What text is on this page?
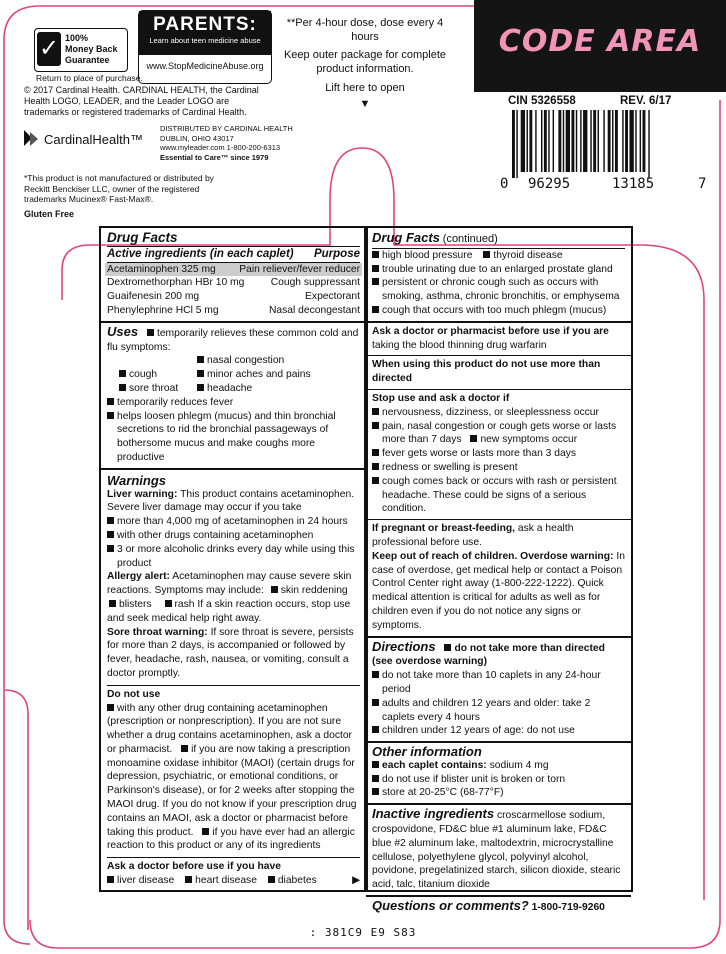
✓ 100%
Money Back
Guarantee
Return to place of purchase.
PARENTS:
Learn about teen medicine abuse
www.StopMedicineAbuse.org
© 2017 Cardinal Health. CARDINAL HEALTH, the Cardinal Health LOGO, LEADER, and the Leader LOGO are trademarks or registered trademarks of Cardinal Health.
CardinalHealth™
DISTRIBUTED BY CARDINAL HEALTH
DUBLIN, OHIO 43017
www.myleader.com 1-800-200-6313
Essential to Care™ since 1979
*This product is not manufactured or distributed by Reckitt Benckiser LLC, owner of the registered trademarks Mucinex® Fast-Max®.
Gluten Free
**Per 4-hour dose, dose every 4 hours
Keep outer package for complete product information.
Lift here to open
▼
CODE AREA
CIN 5326558	REV. 6/17
0 96295	13185	7
Drug Facts
Active ingredients (in each caplet) Purpose
Acetaminophen 325 mg Pain reliever/fever reducer
Dextromethorphan HBr 10 mg	Cough suppressant
Guaifenesin 200 mg	Expectorant
Phenylephrine HCl 5 mg	Nasal decongestant
Uses temporarily relieves these common cold and flu symptoms:
nasal congestion
cough	minor aches and pains
sore throat	headache
temporarily reduces fever
helps loosen phlegm (mucus) and thin bronchial secretions to rid the bronchial passageways of bothersome mucus and make coughs more productive
Warnings
Liver warning: This product contains acetaminophen. Severe liver damage may occur if you take
more than 4,000 mg of acetaminophen in 24 hours
with other drugs containing acetaminophen
3 or more alcoholic drinks every day while using this product
Allergy alert: Acetaminophen may cause severe skin reactions. Symptoms may include: skin reddening blisters rash If a skin reaction occurs, stop use and seek medical help right away.
Sore throat warning: If sore throat is severe, persists for more than 2 days, is accompanied or followed by fever, headache, rash, nausea, or vomiting, consult a doctor promptly.
Do not use
with any other drug containing acetaminophen (prescription or nonprescription). If you are not sure whether a drug contains acetaminophen, ask a doctor or pharmacist. if you are now taking a prescription monoamine oxidase inhibitor (MAOI) (certain drugs for depression, psychiatric, or emotional conditions, or Parkinson's disease), or for 2 weeks after stopping the MAOI drug. If you do not know if your prescription drug contains an MAOI, ask a doctor or pharmacist before taking this product. if you have ever had an allergic reaction to this product or any of its ingredients
Ask a doctor before use if you have
liver disease heart disease diabetes	▶
Drug Facts (continued)
high blood pressure thyroid disease
trouble urinating due to an enlarged prostate gland
persistent or chronic cough such as occurs with smoking, asthma, chronic bronchitis, or emphysema
cough that occurs with too much phlegm (mucus)
Ask a doctor or pharmacist before use if you are taking the blood thinning drug warfarin
When using this product do not use more than directed
Stop use and ask a doctor if
nervousness, dizziness, or sleeplessness occur
pain, nasal congestion or cough gets worse or lasts more than 7 days new symptoms occur
fever gets worse or lasts more than 3 days
redness or swelling is present
cough comes back or occurs with rash or persistent headache. These could be signs of a serious condition.
If pregnant or breast-feeding, ask a health professional before use.
Keep out of reach of children. Overdose warning: In case of overdose, get medical help or contact a Poison Control Center right away (1-800-222-1222). Quick medical attention is critical for adults as well as for children even if you do not notice any signs or symptoms.
Directions do not take more than directed (see overdose warning)
do not take more than 10 caplets in any 24-hour period
adults and children 12 years and older: take 2 caplets every 4 hours
children under 12 years of age: do not use
Other information
each caplet contains: sodium 4 mg
do not use if blister unit is broken or torn
store at 20-25°C (68-77°F)
Inactive ingredients croscarmellose sodium, crospovidone, FD&C blue #1 aluminum lake, FD&C blue #2 aluminum lake, maltodextrin, microcrystalline cellulose, polyethylene glycol, polyvinyl alcohol, povidone, pregelatinized starch, silicon dioxide, stearic acid, talc, titanium dioxide
Questions or comments? 1-800-719-9260
: 381C9 E9 S83
